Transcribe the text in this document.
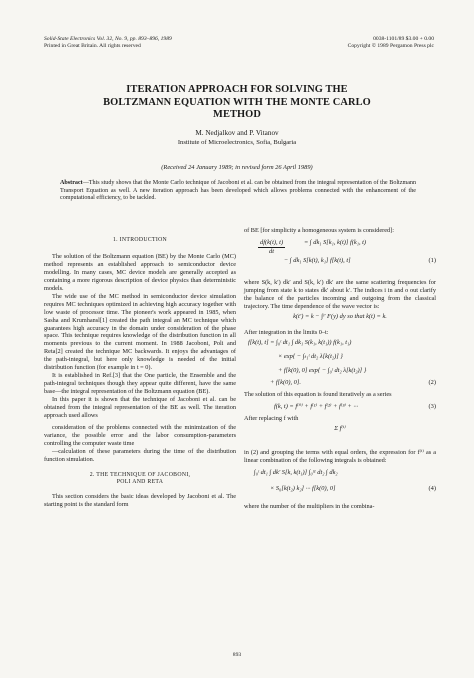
Solid-State Electronics Vol. 32, No. 9, pp. 893–896, 1989
Printed in Great Britain. All rights reserved
0038-1101/89 $3.00 + 0.00
Copyright © 1989 Pergamon Press plc
ITERATION APPROACH FOR SOLVING THE
BOLTZMANN EQUATION WITH THE MONTE CARLO
METHOD
M. Nedjalkov and P. Vitanov
Institute of Microelectronics, Sofia, Bulgaria
(Received 24 January 1989; in revised form 26 April 1989)
Abstract—This study shows that the Monte Carlo technique of Jacoboni et al. can be obtained from the integral representation of the Boltzmann Transport Equation as well. A new iteration approach has been developed which allows problems connected with the enhancement of the computational efficiency, to be tackled.
1. INTRODUCTION

The solution of the Boltzmann equation (BE) by the Monte Carlo (MC) method represents an established approach to semiconductor device modelling. In many cases, MC device models are generally accepted as containing a more rigorous description of device physics than deterministic models.

The wide use of the MC method in semiconductor device simulation requires MC techniques optimized in achieving high accuracy together with low waste of processor time. The pioneer's work appeared in 1985, when Sasha and Krumhansl[1] created the path integral an MC technique which guarantees high accuracy in the domain under consideration of the phase space. This technique requires knowledge of the distribution function in all moments previous to the current moment. In 1988 Jacoboni, Poli and Reta[2] created the technique MC backwards. It enjoys the advantages of the path-integral, but here only knowledge is needed of the initial distribution function (for example in t = 0).

It is established in Ref.[3] that the One particle, the Ensemble and the path-integral techniques though they appear quite different, have the same base—the integral representation of the Boltzmann equation (BE).

In this paper it is shown that the technique of Jacoboni et al. can be obtained from the integral representation of the BE as well. The iteration approach used allows

consideration of the problems connected with the minimization of the variance, the possible error and the labor consumption-parameters controlling the computer waste time

—calculation of these parameters during the time of the distribution function simulation.

2. THE TECHNIQUE OF JACOBONI,
POLI AND RETA

This section considers the basic ideas developed by Jacoboni et al. The starting point is the standard form

of BE [for simplicity a homogeneous system is considered]:

$\frac{df(k(t), t)}{dt}$	= ∫ dk₁ S[k₁, k(t)] f(k₁, t)
− ∫ dk₁ S[k(t), k₁] f[k(t), t]	(1)

where S(k, k′) dk′ and S(k, k′) dk′ are the same scattering frequencies for jumping from state k to states dk′ about k′. The indices i in and o out clarify the balance of the particles incoming and outgoing from the classical trajectory. The time dependence of the wave vector is:

k(t′) = k − ∫ᵗ′ F(y) dy so that k(t) = k.

After integration in the limits 0–t:

f[k(t), t] = ∫₀ᵗ dt₁ ∫ dk₁ S(k₁, k(t₁)) f(k₁, t₁)
× exp{ − ∫ₜ₁ᵗ dt₂ λ[k(t₂)] }
+ f[k(0), 0] exp{ − ∫₀ᵗ dt₂ λ[k(t₂)] }
+ f[k(0), 0].	(2)

The solution of this equation is found iteratively as a series

f(k, t) = f⁽⁰⁾ + f⁽¹⁾ + f⁽²⁾ + f⁽³⁾ + ···	(3)

After replacing f with

Σ f⁽ⁱ⁾

in (2) and grouping the terms with equal orders, the expression for f⁽ⁱ⁾ as a linear combination of the following integrals is obtained:

∫₀ᵗ dt₁ ∫ dk′ S[k, k(t₁)] ∫₀ᵗ¹ dt₂ ∫ dk₂
× S₀[k(t₂) k₂] ··· f[k(0), 0]	(4)

where the number of the multipliers in the combina-

893
